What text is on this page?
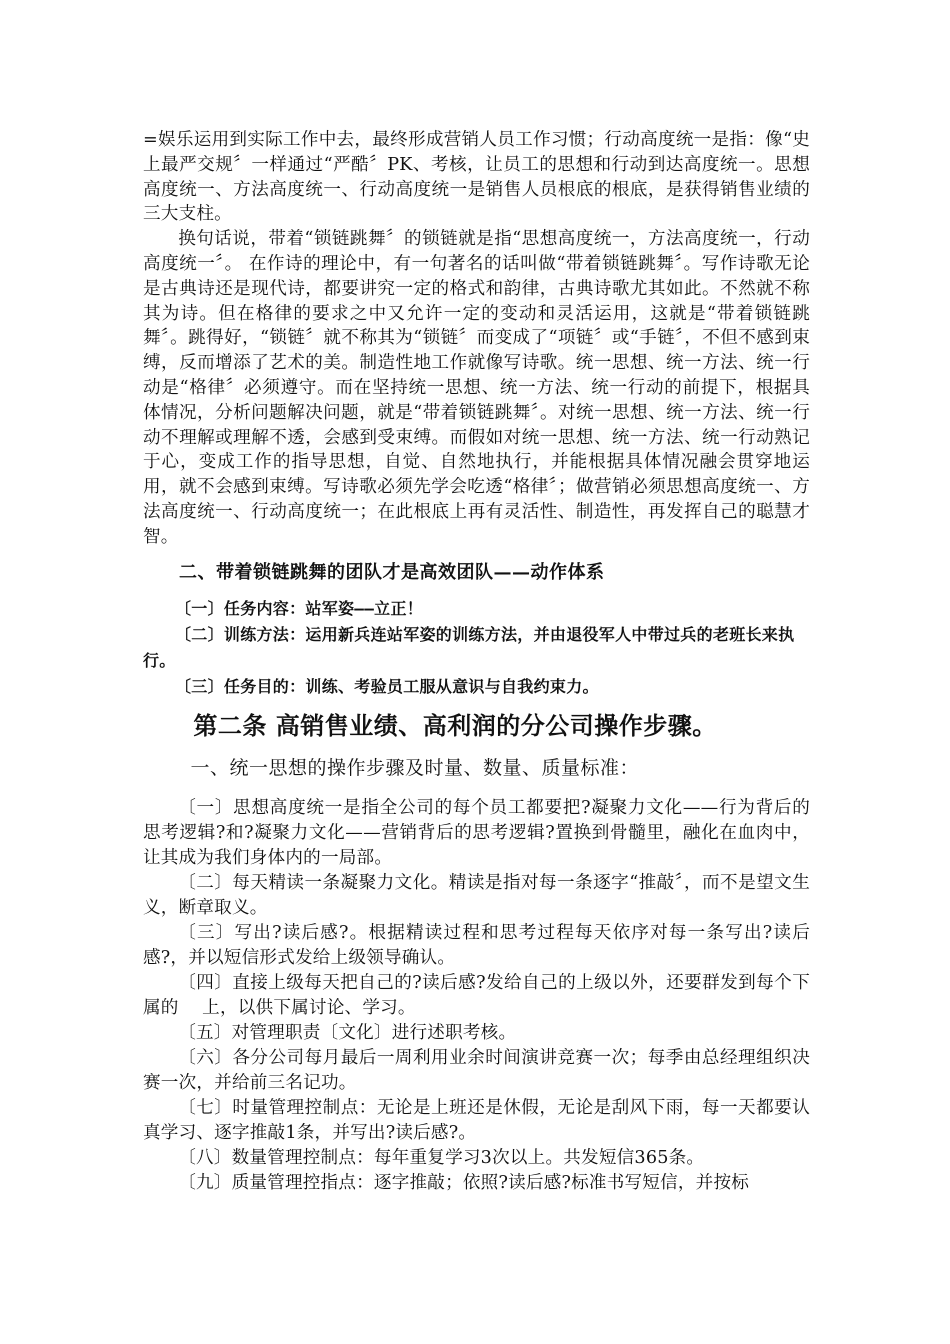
=娱乐运用到实际工作中去，最终形成营销人员工作习惯；行动高度统一是指：像“史上最严交规〞一样通过“严酷〞PK、考核，让员工的思想和行动到达高度统一。思想高度统一、方法高度统一、行动高度统一是销售人员根底的根底，是获得销售业绩的三大支柱。

换句话说，带着“锁链跳舞〞的锁链就是指“思想高度统一，方法高度统一，行动高度统一〞。 在作诗的理论中，有一句著名的话叫做“带着锁链跳舞〞。写作诗歌无论是古典诗还是现代诗，都要讲究一定的格式和韵律，古典诗歌尤其如此。不然就不称其为诗。但在格律的要求之中又允许一定的变动和灵活运用，这就是“带着锁链跳舞〞。跳得好，“锁链〞就不称其为“锁链〞而变成了“项链〞或“手链〞，不但不感到束缚，反而增添了艺术的美。制造性地工作就像写诗歌。统一思想、统一方法、统一行动是“格律〞必须遵守。而在坚持统一思想、统一方法、统一行动的前提下，根据具体情况，分析问题解决问题，就是“带着锁链跳舞〞。对统一思想、统一方法、统一行动不理解或理解不透，会感到受束缚。而假如对统一思想、统一方法、统一行动熟记于心，变成工作的指导思想，自觉、自然地执行，并能根据具体情况融会贯穿地运用，就不会感到束缚。写诗歌必须先学会吃透“格律〞；做营销必须思想高度统一、方法高度统一、行动高度统一；在此根底上再有灵活性、制造性，再发挥自己的聪慧才智。

二、带着锁链跳舞的团队才是高效团队——动作体系

〔一〕任务内容：站军姿——立正！

〔二〕训练方法：运用新兵连站军姿的训练方法，并由退役军人中带过兵的老班长来执行。

〔三〕任务目的：训练、考验员工服从意识与自我约束力。

第二条 高销售业绩、高利润的分公司操作步骤。

一、统一思想的操作步骤及时量、数量、质量标准：

〔一〕思想高度统一是指全公司的每个员工都要把?凝聚力文化——行为背后的思考逻辑?和?凝聚力文化——营销背后的思考逻辑?置换到骨髓里，融化在血肉中，让其成为我们身体内的一局部。

〔二〕每天精读一条凝聚力文化。精读是指对每一条逐字“推敲〞，而不是望文生义，断章取义。

〔三〕写出?读后感?。根据精读过程和思考过程每天依序对每一条写出?读后感?，并以短信形式发给上级领导确认。

〔四〕直接上级每天把自己的?读后感?发给自己的上级以外，还要群发到每个下属的　 上，以供下属讨论、学习。

〔五〕对管理职责〔文化〕进行述职考核。

〔六〕各分公司每月最后一周利用业余时间演讲竞赛一次；每季由总经理组织决赛一次，并给前三名记功。

〔七〕时量管理控制点：无论是上班还是休假，无论是刮风下雨，每一天都要认真学习、逐字推敲1条，并写出?读后感?。

〔八〕数量管理控制点：每年重复学习3次以上。共发短信365条。

〔九〕质量管理控指点：逐字推敲；依照?读后感?标准书写短信，并按标
